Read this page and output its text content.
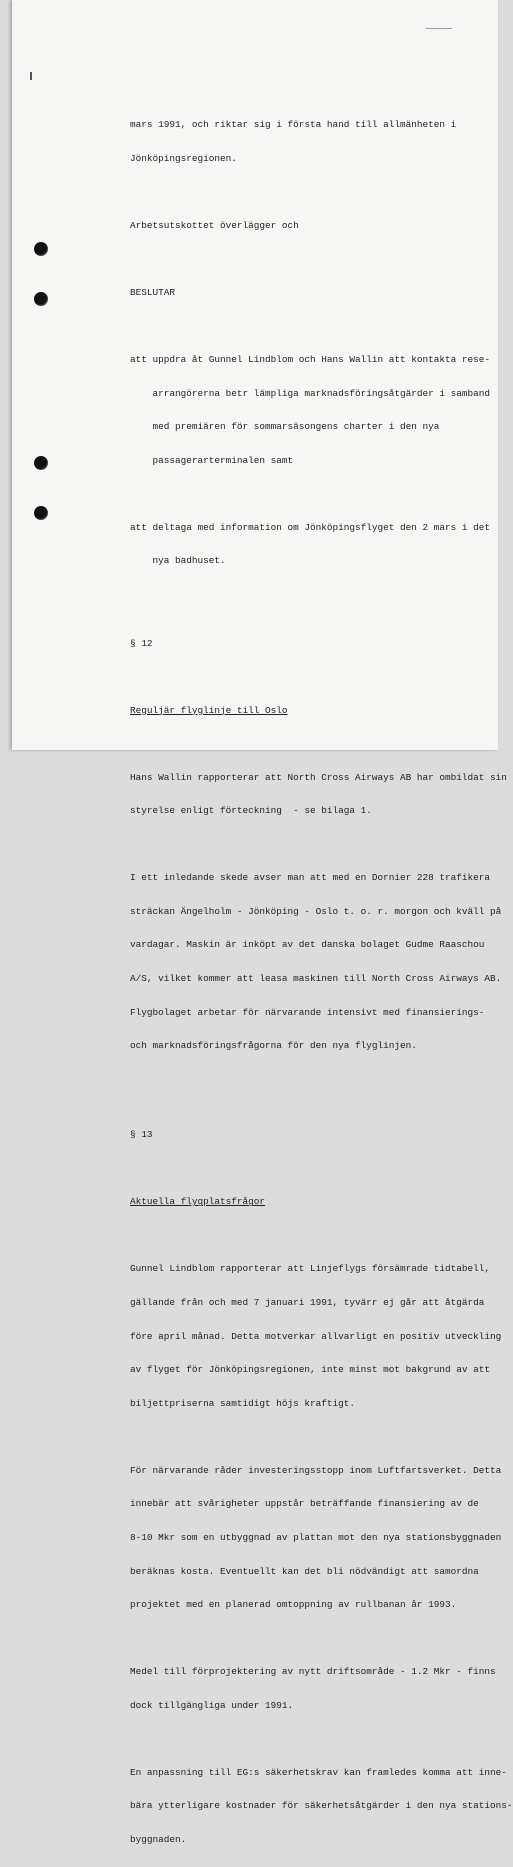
mars 1991, och riktar sig i första hand till allmänheten i

Jönköpingsregionen.

Arbetsutskottet överlägger och

BESLUTAR

att uppdra åt Gunnel Lindblom och Hans Wallin att kontakta rese-

arrangörerna betr lämpliga marknadsföringsåtgärder i samband

med premiären för sommarsäsongens charter i den nya

passagerarterminalen samt

att deltaga med information om Jönköpingsflyget den 2 mars i det

nya badhuset.

§ 12

Reguljär flyglinje till Oslo

Hans Wallin rapporterar att North Cross Airways AB har ombildat sin

styrelse enligt förteckning  - se bilaga 1.

I ett inledande skede avser man att med en Dornier 228 trafikera

sträckan Ängelholm - Jönköping - Oslo t. o. r. morgon och kväll på

vardagar. Maskin är inköpt av det danska bolaget Gudme Raaschou

A/S, vilket kommer att leasa maskinen till North Cross Airways AB.

Flygbolaget arbetar för närvarande intensivt med finansierings-

och marknadsföringsfrågorna för den nya flyglinjen.

§ 13

Aktuella flygplatsfrågor

Gunnel Lindblom rapporterar att Linjeflygs försämrade tidtabell,

gällande från och med 7 januari 1991, tyvärr ej går att åtgärda

före april månad. Detta motverkar allvarligt en positiv utveckling

av flyget för Jönköpingsregionen, inte minst mot bakgrund av att

biljettpriserna samtidigt höjs kraftigt.

För närvarande råder investeringsstopp inom Luftfartsverket. Detta

innebär att svårigheter uppstår beträffande finansiering av de

8-10 Mkr som en utbyggnad av plattan mot den nya stationsbyggnaden

beräknas kosta. Eventuellt kan det bli nödvändigt att samordna

projektet med en planerad omtoppning av rullbanan år 1993.

Medel till förprojektering av nytt driftsområde - 1.2 Mkr - finns

dock tillgängliga under 1991.

En anpassning till EG:s säkerhetskrav kan framledes komma att inne-

bära ytterligare kostnader för säkerhetsåtgärder i den nya stations-

byggnaden.
